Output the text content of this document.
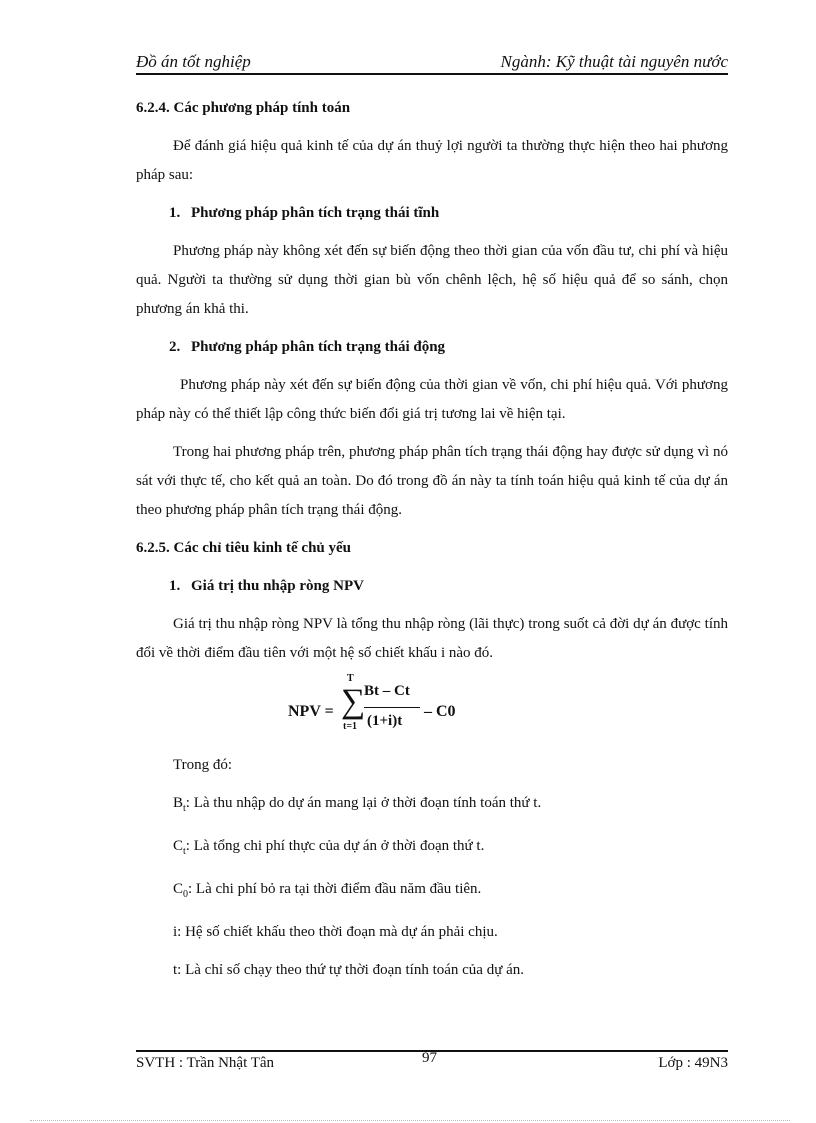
Đồ án tốt nghiệp	Ngành: Kỹ thuật tài nguyên nước
6.2.4. Các phương pháp tính toán
Để đánh giá hiệu quả kinh tế của dự án thuỷ lợi người ta thường thực hiện theo hai phương pháp sau:
1. Phương pháp phân tích trạng thái tĩnh
Phương pháp này không xét đến sự biến động theo thời gian của vốn đầu tư, chi phí và hiệu quả. Người ta thường sử dụng thời gian bù vốn chênh lệch, hệ số hiệu quả để so sánh, chọn phương án khả thi.
2. Phương pháp phân tích trạng thái động
Phương pháp này xét đến sự biến động của thời gian về vốn, chi phí hiệu quả. Với phương pháp này có thể thiết lập công thức biến đổi giá trị tương lai về hiện tại.
Trong hai phương pháp trên, phương pháp phân tích trạng thái động hay được sử dụng vì nó sát với thực tế, cho kết quả an toàn. Do đó trong đồ án này ta tính toán hiệu quả kinh tế của dự án theo phương pháp phân tích trạng thái động.
6.2.5. Các chỉ tiêu kinh tế chủ yếu
1. Giá trị thu nhập ròng NPV
Giá trị thu nhập ròng NPV là tổng thu nhập ròng (lãi thực) trong suốt cả đời dự án được tính đổi về thời điểm đầu tiên với một hệ số chiết khấu i nào đó.
NPV =
T
∑
t=1
Bt – Ct
(1+i)t
– C0
Trong đó:
$B_t$: Là thu nhập do dự án mang lại ở thời đoạn tính toán thứ t.
$C_t$: Là tổng chi phí thực của dự án ở thời đoạn thứ t.
$C_0$: Là chi phí bỏ ra tại thời điểm đầu năm đầu tiên.
i: Hệ số chiết khấu theo thời đoạn mà dự án phải chịu.
t: Là chỉ số chạy theo thứ tự thời đoạn tính toán của dự án.
SVTH : Trần Nhật Tân	97	Lớp : 49N3
